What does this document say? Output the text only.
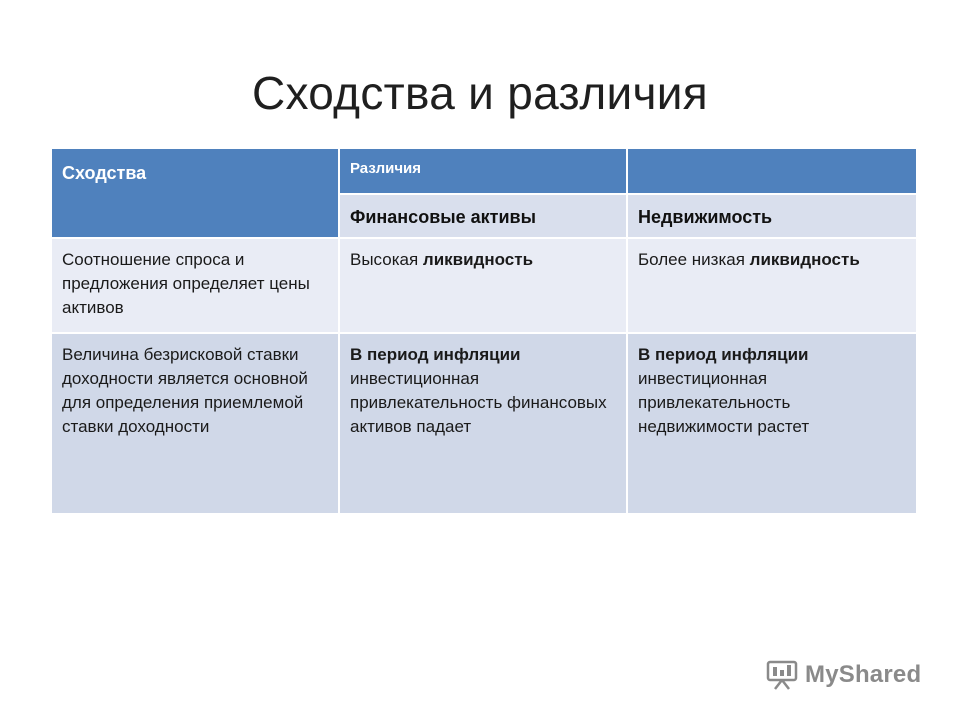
Сходства и различия
Сходства	Различия	
	Финансовые активы	Недвижимость
Соотношение спроса и предложения определяет цены активов	Высокая ликвидность	Более низкая ликвидность
Величина безрисковой ставки доходности является основной для определения приемлемой ставки доходности	В период инфляции инвестиционная привлекательность финансовых активов падает	В период инфляции инвестиционная привлекательность недвижимости растет
MyShared
